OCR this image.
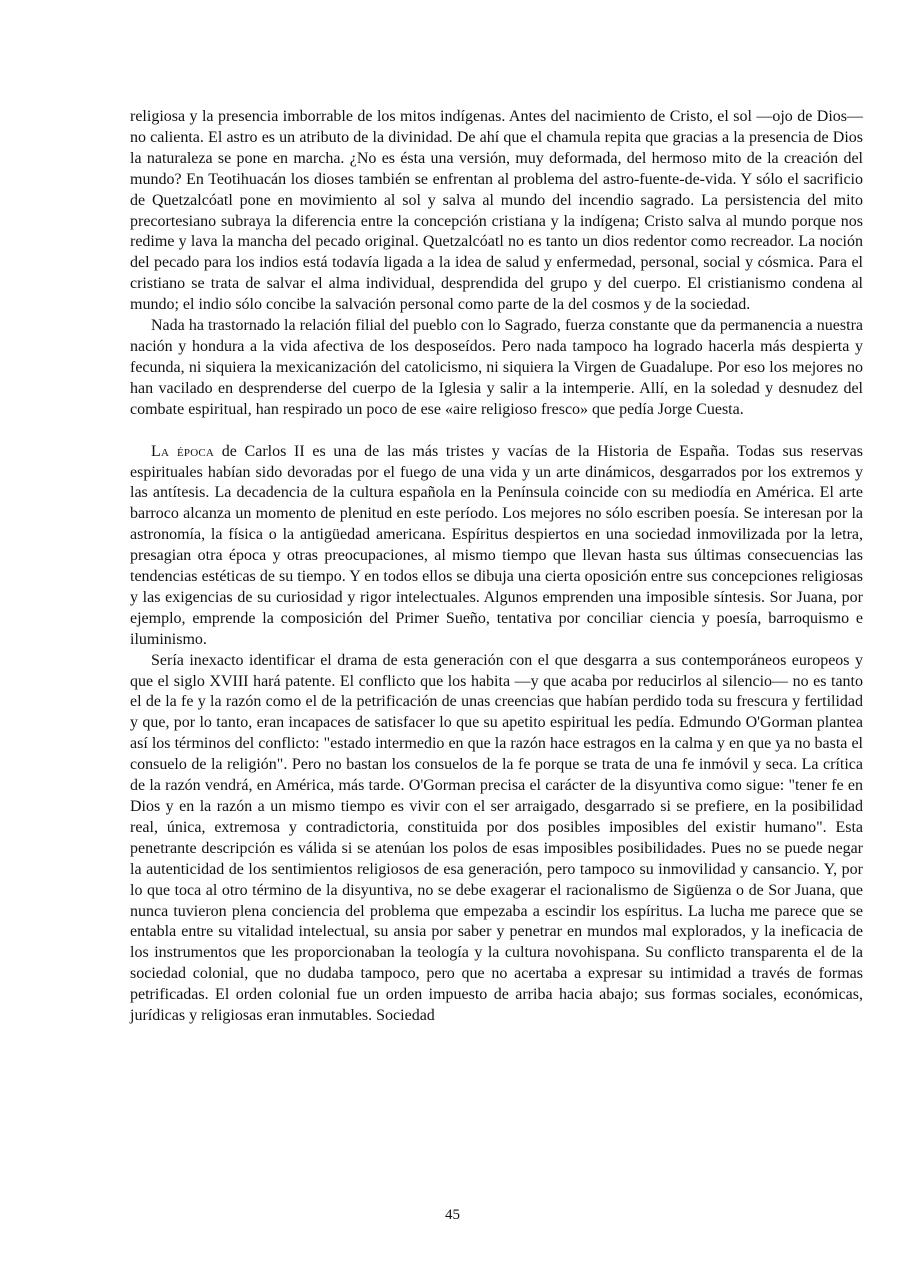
religiosa y la presencia imborrable de los mitos indígenas. Antes del nacimiento de Cristo, el sol —ojo de Dios— no calienta. El astro es un atributo de la divinidad. De ahí que el chamula repita que gracias a la presencia de Dios la naturaleza se pone en marcha. ¿No es ésta una versión, muy deformada, del hermoso mito de la creación del mundo? En Teotihuacán los dioses también se enfrentan al problema del astro-fuente-de-vida. Y sólo el sacrificio de Quetzalcóatl pone en movimiento al sol y salva al mundo del incendio sagrado. La persistencia del mito precortesiano subraya la diferencia entre la concepción cristiana y la indígena; Cristo salva al mundo porque nos redime y lava la mancha del pecado original. Quetzalcóatl no es tanto un dios redentor como recreador. La noción del pecado para los indios está todavía ligada a la idea de salud y enfermedad, personal, social y cósmica. Para el cristiano se trata de salvar el alma individual, desprendida del grupo y del cuerpo. El cristianismo condena al mundo; el indio sólo concibe la salvación personal como parte de la del cosmos y de la sociedad.

Nada ha trastornado la relación filial del pueblo con lo Sagrado, fuerza constante que da permanencia a nuestra nación y hondura a la vida afectiva de los desposeídos. Pero nada tampoco ha logrado hacerla más despierta y fecunda, ni siquiera la mexicanización del catolicismo, ni siquiera la Virgen de Guadalupe. Por eso los mejores no han vacilado en desprenderse del cuerpo de la Iglesia y salir a la intemperie. Allí, en la soledad y desnudez del combate espiritual, han respirado un poco de ese «aire religioso fresco» que pedía Jorge Cuesta.

La época de Carlos II es una de las más tristes y vacías de la Historia de España. Todas sus reservas espirituales habían sido devoradas por el fuego de una vida y un arte dinámicos, desgarrados por los extremos y las antítesis. La decadencia de la cultura española en la Península coincide con su mediodía en América. El arte barroco alcanza un momento de plenitud en este período. Los mejores no sólo escriben poesía. Se interesan por la astronomía, la física o la antigüedad americana. Espíritus despiertos en una sociedad inmovilizada por la letra, presagian otra época y otras preocupaciones, al mismo tiempo que llevan hasta sus últimas consecuencias las tendencias estéticas de su tiempo. Y en todos ellos se dibuja una cierta oposición entre sus concepciones religiosas y las exigencias de su curiosidad y rigor intelectuales. Algunos emprenden una imposible síntesis. Sor Juana, por ejemplo, emprende la composición del Primer Sueño, tentativa por conciliar ciencia y poesía, barroquismo e iluminismo.

Sería inexacto identificar el drama de esta generación con el que desgarra a sus contemporáneos europeos y que el siglo XVIII hará patente. El conflicto que los habita —y que acaba por reducirlos al silencio— no es tanto el de la fe y la razón como el de la petrificación de unas creencias que habían perdido toda su frescura y fertilidad y que, por lo tanto, eran incapaces de satisfacer lo que su apetito espiritual les pedía. Edmundo O'Gorman plantea así los términos del conflicto: "estado intermedio en que la razón hace estragos en la calma y en que ya no basta el consuelo de la religión". Pero no bastan los consuelos de la fe porque se trata de una fe inmóvil y seca. La crítica de la razón vendrá, en América, más tarde. O'Gorman precisa el carácter de la disyuntiva como sigue: "tener fe en Dios y en la razón a un mismo tiempo es vivir con el ser arraigado, desgarrado si se prefiere, en la posibilidad real, única, extremosa y contradictoria, constituida por dos posibles imposibles del existir humano". Esta penetrante descripción es válida si se atenúan los polos de esas imposibles posibilidades. Pues no se puede negar la autenticidad de los sentimientos religiosos de esa generación, pero tampoco su inmovilidad y cansancio. Y, por lo que toca al otro término de la disyuntiva, no se debe exagerar el racionalismo de Sigüenza o de Sor Juana, que nunca tuvieron plena conciencia del problema que empezaba a escindir los espíritus. La lucha me parece que se entabla entre su vitalidad intelectual, su ansia por saber y penetrar en mundos mal explorados, y la ineficacia de los instrumentos que les proporcionaban la teología y la cultura novohispana. Su conflicto transparenta el de la sociedad colonial, que no dudaba tampoco, pero que no acertaba a expresar su intimidad a través de formas petrificadas. El orden colonial fue un orden impuesto de arriba hacia abajo; sus formas sociales, económicas, jurídicas y religiosas eran inmutables. Sociedad

45
